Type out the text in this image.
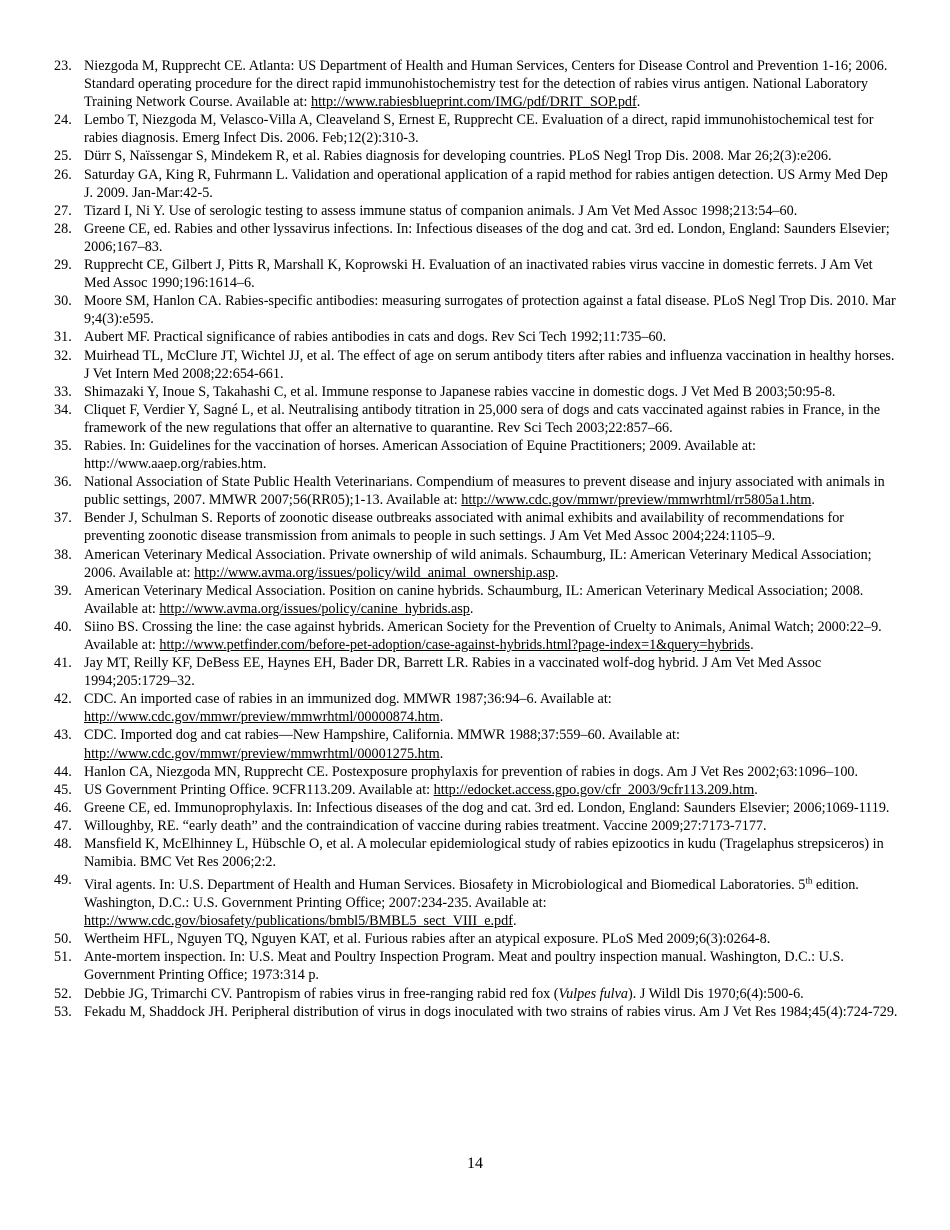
23. Niezgoda M, Rupprecht CE. Atlanta: US Department of Health and Human Services, Centers for Disease Control and Prevention 1-16; 2006. Standard operating procedure for the direct rapid immunohistochemistry test for the detection of rabies virus antigen. National Laboratory Training Network Course. Available at: http://www.rabiesblueprint.com/IMG/pdf/DRIT_SOP.pdf.
24. Lembo T, Niezgoda M, Velasco-Villa A, Cleaveland S, Ernest E, Rupprecht CE. Evaluation of a direct, rapid immunohistochemical test for rabies diagnosis. Emerg Infect Dis. 2006. Feb;12(2):310-3.
25. Dürr S, Naïssengar S, Mindekem R, et al. Rabies diagnosis for developing countries. PLoS Negl Trop Dis. 2008. Mar 26;2(3):e206.
26. Saturday GA, King R, Fuhrmann L. Validation and operational application of a rapid method for rabies antigen detection. US Army Med Dep J. 2009. Jan-Mar:42-5.
27. Tizard I, Ni Y. Use of serologic testing to assess immune status of companion animals. J Am Vet Med Assoc 1998;213:54–60.
28. Greene CE, ed. Rabies and other lyssavirus infections. In: Infectious diseases of the dog and cat. 3rd ed. London, England: Saunders Elsevier; 2006;167–83.
29. Rupprecht CE, Gilbert J, Pitts R, Marshall K, Koprowski H. Evaluation of an inactivated rabies virus vaccine in domestic ferrets. J Am Vet Med Assoc 1990;196:1614–6.
30. Moore SM, Hanlon CA. Rabies-specific antibodies: measuring surrogates of protection against a fatal disease. PLoS Negl Trop Dis. 2010. Mar 9;4(3):e595.
31. Aubert MF. Practical significance of rabies antibodies in cats and dogs. Rev Sci Tech 1992;11:735–60.
32. Muirhead TL, McClure JT, Wichtel JJ, et al. The effect of age on serum antibody titers after rabies and influenza vaccination in healthy horses. J Vet Intern Med 2008;22:654-661.
33. Shimazaki Y, Inoue S, Takahashi C, et al. Immune response to Japanese rabies vaccine in domestic dogs. J Vet Med B 2003;50:95-8.
34. Cliquet F, Verdier Y, Sagné L, et al. Neutralising antibody titration in 25,000 sera of dogs and cats vaccinated against rabies in France, in the framework of the new regulations that offer an alternative to quarantine. Rev Sci Tech 2003;22:857–66.
35. Rabies. In: Guidelines for the vaccination of horses. American Association of Equine Practitioners; 2009. Available at: http://www.aaep.org/rabies.htm.
36. National Association of State Public Health Veterinarians. Compendium of measures to prevent disease and injury associated with animals in public settings, 2007. MMWR 2007;56(RR05);1-13. Available at: http://www.cdc.gov/mmwr/preview/mmwrhtml/rr5805a1.htm.
37. Bender J, Schulman S. Reports of zoonotic disease outbreaks associated with animal exhibits and availability of recommendations for preventing zoonotic disease transmission from animals to people in such settings. J Am Vet Med Assoc 2004;224:1105–9.
38. American Veterinary Medical Association. Private ownership of wild animals. Schaumburg, IL: American Veterinary Medical Association; 2006. Available at: http://www.avma.org/issues/policy/wild_animal_ownership.asp.
39. American Veterinary Medical Association. Position on canine hybrids. Schaumburg, IL: American Veterinary Medical Association; 2008. Available at: http://www.avma.org/issues/policy/canine_hybrids.asp.
40. Siino BS. Crossing the line: the case against hybrids. American Society for the Prevention of Cruelty to Animals, Animal Watch; 2000:22–9. Available at: http://www.petfinder.com/before-pet-adoption/case-against-hybrids.html?page-index=1&query=hybrids.
41. Jay MT, Reilly KF, DeBess EE, Haynes EH, Bader DR, Barrett LR. Rabies in a vaccinated wolf-dog hybrid. J Am Vet Med Assoc 1994;205:1729–32.
42. CDC. An imported case of rabies in an immunized dog. MMWR 1987;36:94–6. Available at: http://www.cdc.gov/mmwr/preview/mmwrhtml/00000874.htm.
43. CDC. Imported dog and cat rabies—New Hampshire, California. MMWR 1988;37:559–60. Available at: http://www.cdc.gov/mmwr/preview/mmwrhtml/00001275.htm.
44. Hanlon CA, Niezgoda MN, Rupprecht CE. Postexposure prophylaxis for prevention of rabies in dogs. Am J Vet Res 2002;63:1096–100.
45. US Government Printing Office. 9CFR113.209. Available at: http://edocket.access.gpo.gov/cfr_2003/9cfr113.209.htm.
46. Greene CE, ed. Immunoprophylaxis. In: Infectious diseases of the dog and cat. 3rd ed. London, England: Saunders Elsevier; 2006;1069-1119.
47. Willoughby, RE. “early death” and the contraindication of vaccine during rabies treatment. Vaccine 2009;27:7173-7177.
48. Mansfield K, McElhinney L, Hübschle O, et al. A molecular epidemiological study of rabies epizootics in kudu (Tragelaphus strepsiceros) in Namibia. BMC Vet Res 2006;2:2.
49. Viral agents. In: U.S. Department of Health and Human Services. Biosafety in Microbiological and Biomedical Laboratories. 5th edition. Washington, D.C.: U.S. Government Printing Office; 2007:234-235. Available at: http://www.cdc.gov/biosafety/publications/bmbl5/BMBL5_sect_VIII_e.pdf.
50. Wertheim HFL, Nguyen TQ, Nguyen KAT, et al. Furious rabies after an atypical exposure. PLoS Med 2009;6(3):0264-8.
51. Ante-mortem inspection. In: U.S. Meat and Poultry Inspection Program. Meat and poultry inspection manual. Washington, D.C.: U.S. Government Printing Office; 1973:314 p.
52. Debbie JG, Trimarchi CV. Pantropism of rabies virus in free-ranging rabid red fox (Vulpes fulva). J Wildl Dis 1970;6(4):500-6.
53. Fekadu M, Shaddock JH. Peripheral distribution of virus in dogs inoculated with two strains of rabies virus. Am J Vet Res 1984;45(4):724-729.
14
